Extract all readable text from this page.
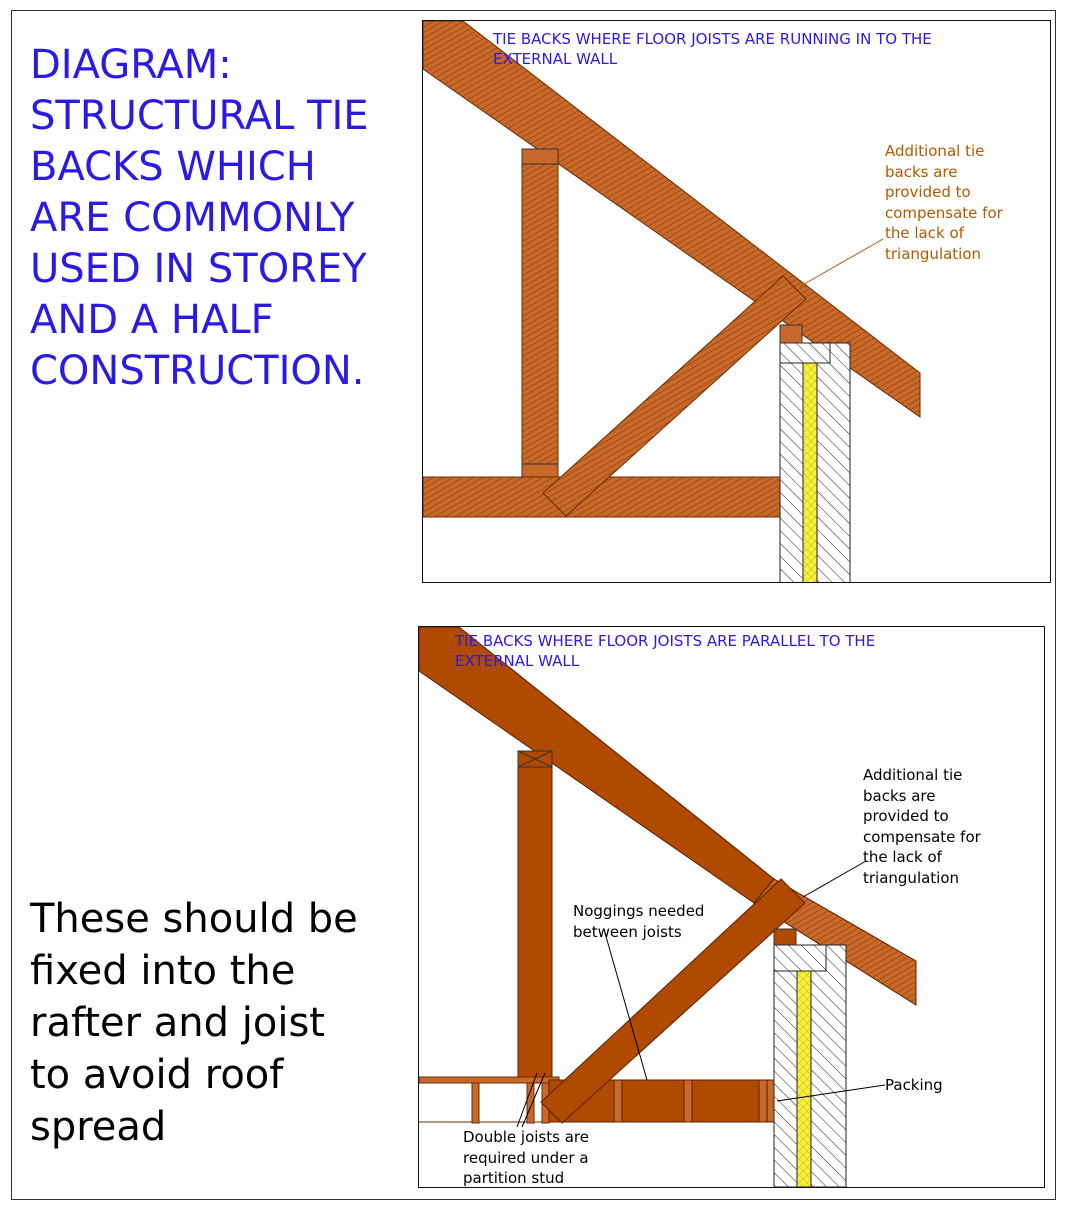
DIAGRAM:
STRUCTURAL TIE
BACKS WHICH
ARE COMMONLY
USED IN STOREY
AND A HALF
CONSTRUCTION.
These should be
fixed into the
rafter and joist
to avoid roof
spread
TIE BACKS WHERE FLOOR JOISTS ARE RUNNING IN TO THE
EXTERNAL WALL
Additional tie
backs are
provided to
compensate for
the lack of
triangulation
TIE BACKS WHERE FLOOR JOISTS ARE PARALLEL TO THE
EXTERNAL WALL
Additional tie
backs are
provided to
compensate for
the lack of
triangulation
Noggings needed
between joists
Packing
Double joists are
required under a
partition stud
